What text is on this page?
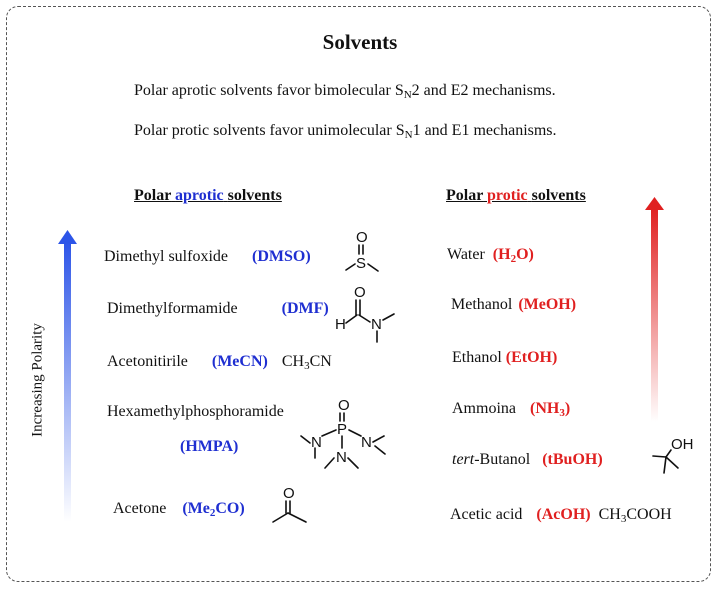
Solvents
Polar aprotic solvents favor bimolecular $S_N2$ and E2 mechanisms.
Polar protic solvents favor unimolecular $S_N1$ and E1 mechanisms.
Polar aprotic solvents	Polar protic solvents
Increasing Polarity
Dimethyl sulfoxide (DMSO)
O
S
Dimethylformamide	(DMF)
O
H N
Acetonitirile (MeCN) $CH_3CN$
Hexamethylphosphoramide
(HMPA)
O
P
N	N
N
Acetone $(Me_2CO)$
O
Water $(H_2O)$
Methanol (MeOH)
Ethanol (EtOH)
Ammoina $(NH_3)$
tert-Butanol (tBuOH)
OH
Acetic acid (AcOH) $CH_3COOH$
